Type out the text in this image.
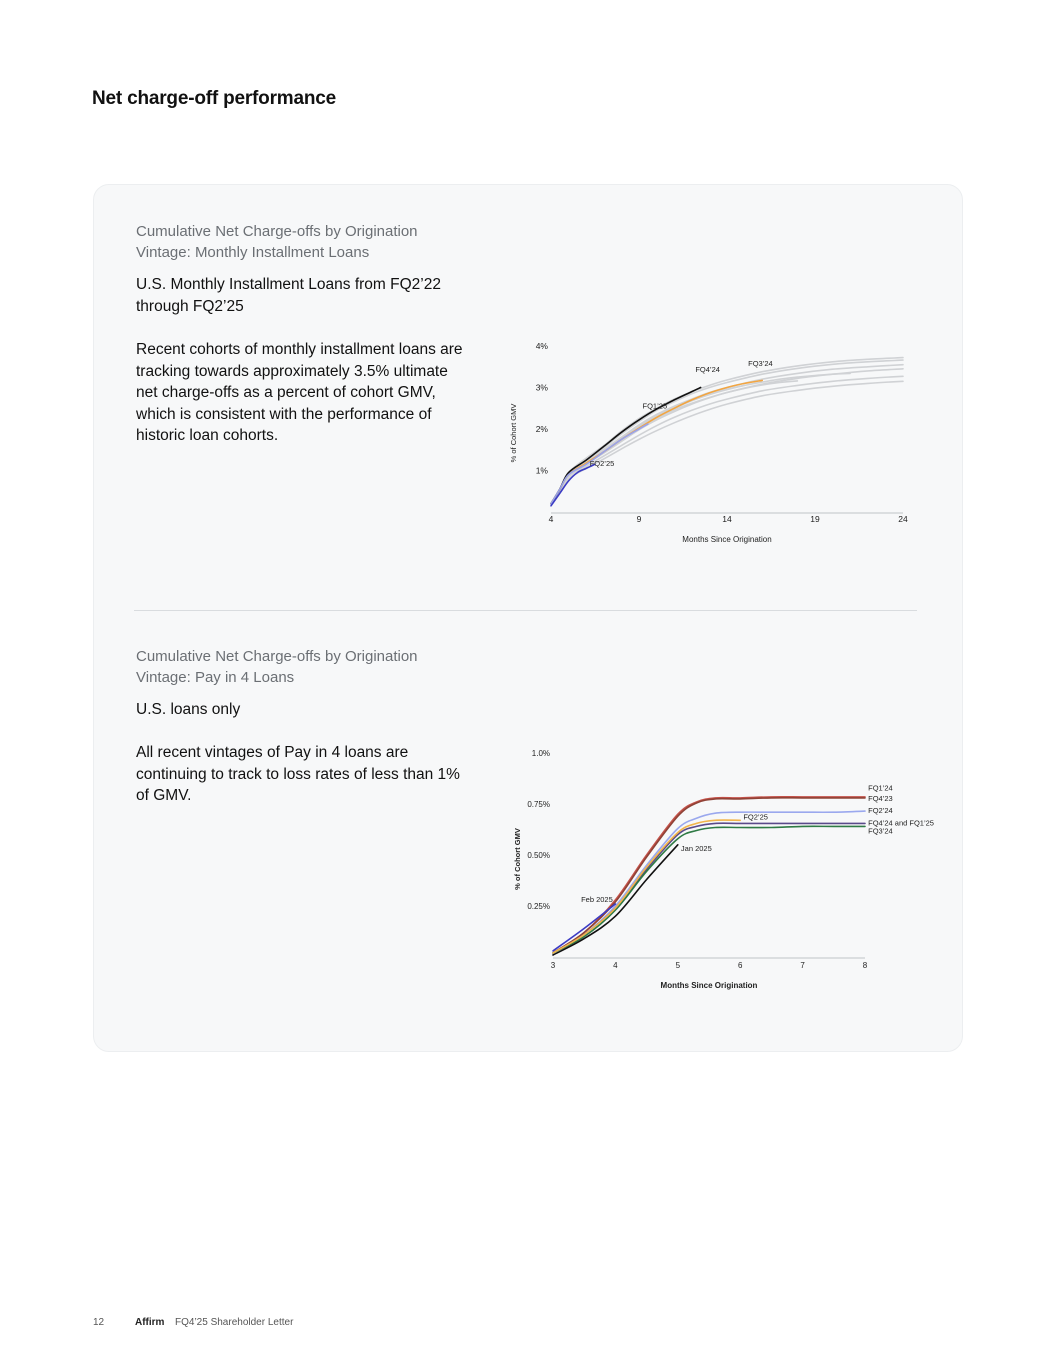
Net charge-off performance
Cumulative Net Charge-offs by Origination Vintage: Monthly Installment Loans
U.S. Monthly Installment Loans from FQ2’22 through FQ2’25
Recent cohorts of monthly installment loans are tracking towards approximately 3.5% ultimate net charge-offs as a percent of cohort GMV, which is consistent with the performance of historic loan cohorts.
Cumulative Net Charge-offs by Origination Vintage: Pay in 4 Loans
U.S. loans only
All recent vintages of Pay in 4 loans are continuing to track to loss rates of less than 1% of GMV.
1%
2%
3%
4%
4	9	14	19	24
Months Since Origination
% of Cohort GMV
FQ3’24
FQ4’24
FQ1’25
FQ2’25
0.25%
0.50%
0.75%
1.0%
3	4	5	6	7	8
Months Since Origination
% of Cohort GMV
FQ1’24
FQ4’23
FQ2’24
FQ4’24 and FQ1’25
FQ3’24
FQ2’25
Jan 2025
Feb 2025
12	Affirm FQ4’25 Shareholder Letter
